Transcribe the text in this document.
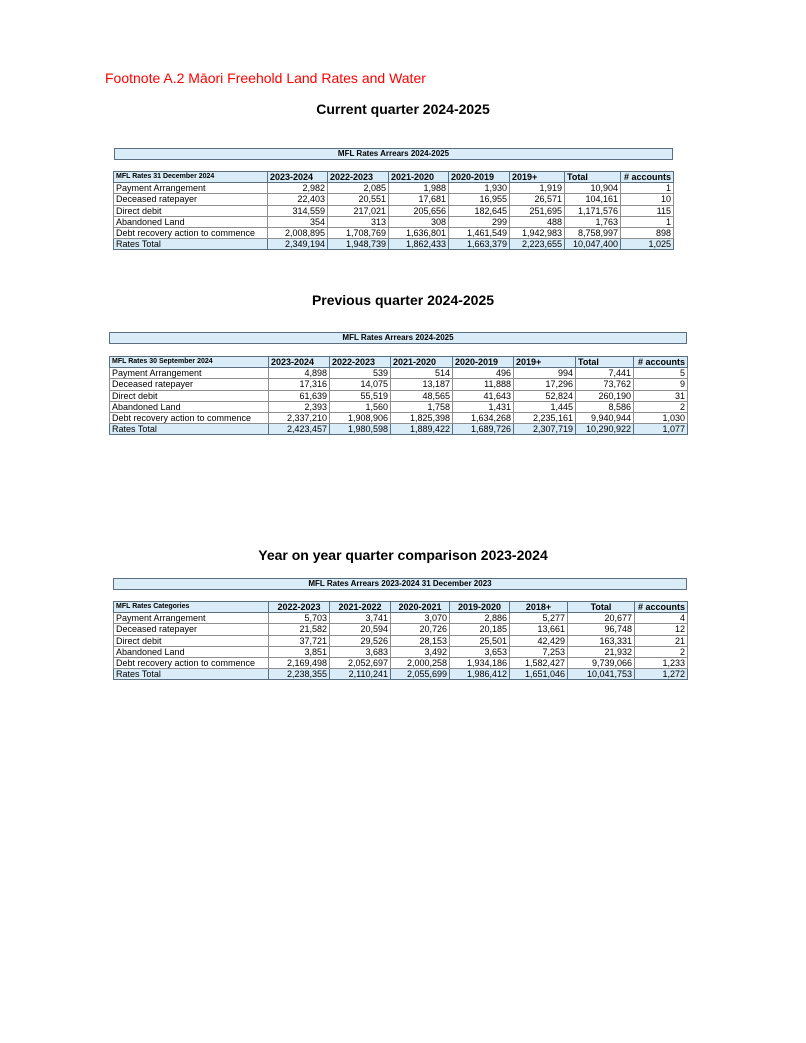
Footnote A.2 Māori Freehold Land Rates and Water
Current quarter 2024-2025
MFL Rates Arrears 2024-2025
MFL Rates 31 December 2024	2023-2024	2022-2023	2021-2020	2020-2019	2019+	Total	# accounts
Payment Arrangement	2,982	2,085	1,988	1,930	1,919	10,904	1
Deceased ratepayer	22,403	20,551	17,681	16,955	26,571	104,161	10
Direct debit	314,559	217,021	205,656	182,645	251,695	1,171,576	115
Abandoned Land	354	313	308	299	488	1,763	1
Debt recovery action to commence	2,008,895	1,708,769	1,636,801	1,461,549	1,942,983	8,758,997	898
Rates Total	2,349,194	1,948,739	1,862,433	1,663,379	2,223,655	10,047,400	1,025
Previous quarter 2024-2025
MFL Rates Arrears 2024-2025
MFL Rates 30 September 2024	2023-2024	2022-2023	2021-2020	2020-2019	2019+	Total	# accounts
Payment Arrangement	4,898	539	514	496	994	7,441	5
Deceased ratepayer	17,316	14,075	13,187	11,888	17,296	73,762	9
Direct debit	61,639	55,519	48,565	41,643	52,824	260,190	31
Abandoned Land	2,393	1,560	1,758	1,431	1,445	8,586	2
Debt recovery action to commence	2,337,210	1,908,906	1,825,398	1,634,268	2,235,161	9,940,944	1,030
Rates Total	2,423,457	1,980,598	1,889,422	1,689,726	2,307,719	10,290,922	1,077
Year on year quarter comparison 2023-2024
MFL Rates Arrears 2023-2024 31 December 2023
MFL Rates Categories	2022-2023	2021-2022	2020-2021	2019-2020	2018+	Total	# accounts
Payment Arrangement	5,703	3,741	3,070	2,886	5,277	20,677	4
Deceased ratepayer	21,582	20,594	20,726	20,185	13,661	96,748	12
Direct debit	37,721	29,526	28,153	25,501	42,429	163,331	21
Abandoned Land	3,851	3,683	3,492	3,653	7,253	21,932	2
Debt recovery action to commence	2,169,498	2,052,697	2,000,258	1,934,186	1,582,427	9,739,066	1,233
Rates Total	2,238,355	2,110,241	2,055,699	1,986,412	1,651,046	10,041,753	1,272
